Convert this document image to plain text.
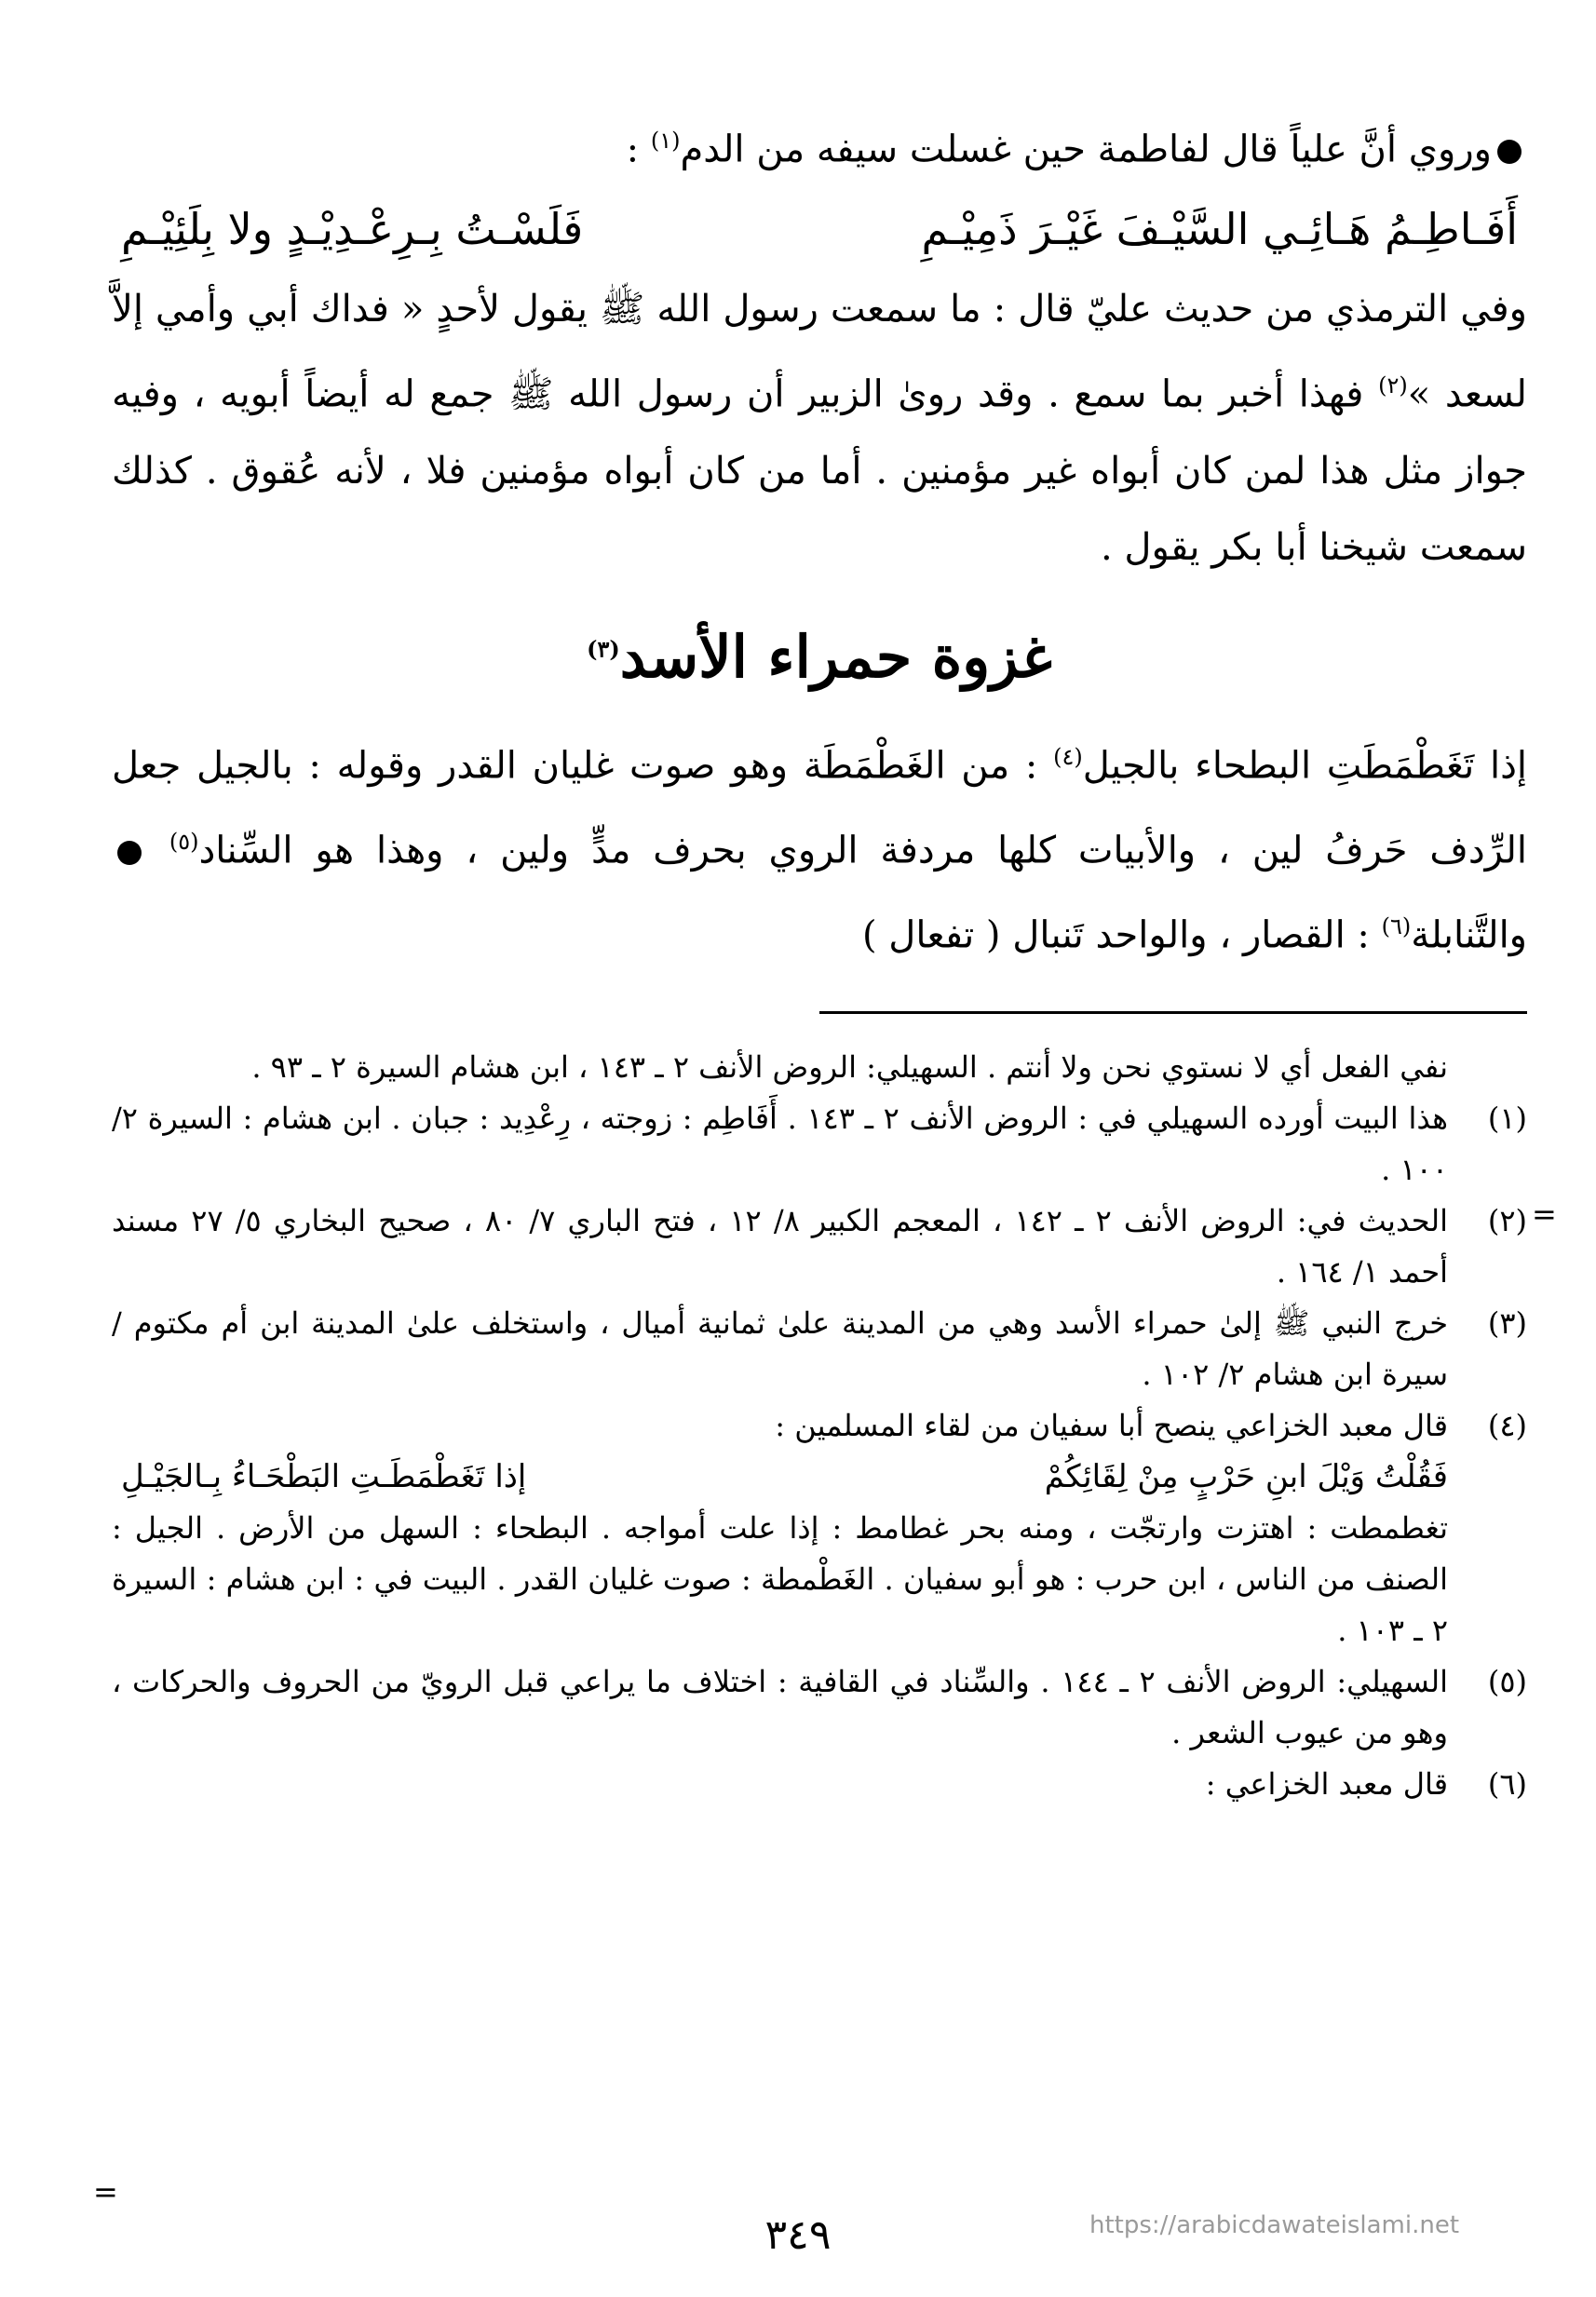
وروي أنَّ علياً قال لفاطمة حين غسلت سيفه من الدم$^{(١)}$ :

أَفَـاطِـمُ هَـائِـي السَّيْـفَ غَيْـرَ ذَمِيْـمِ
فَلَسْـتُ بِـرِعْـدِيْـدٍ ولا بِلَئِيْـمِ

وفي الترمذي من حديث عليّ قال : ما سمعت رسول الله ﷺ يقول لأحدٍ « فداك أبي وأمي إلاَّ لسعد »$^{(٢)}$ فهذا أخبر بما سمع . وقد روىٰ الزبير أن رسول الله ﷺ جمع له أيضاً أبويه ، وفيه جواز مثل هذا لمن كان أبواه غير مؤمنين . أما من كان أبواه مؤمنين فلا ، لأنه عُقوق . كذلك سمعت شيخنا أبا بكر يقول .

غزوة حمراء الأسد$^{(٣)}$

إذا تَغَطْمَطَتِ البطحاء بالجيل$^{(٤)}$ : من الغَطْمَطَة وهو صوت غليان القدر وقوله : بالجيل جعل الرِّدف حَرفُ لين ، والأبيات كلها مردفة الروي بحرف مدٍّ ولين ، وهذا هو السِّناد$^{(٥)}$  والتَّنابلة$^{(٦)}$ : القصار ، والواحد تَنبال ( تفعال )

نفي الفعل أي لا نستوي نحن ولا أنتم . السهيلي: الروض الأنف ٢ ـ ١٤٣ ، ابن هشام السيرة ٢ ـ ٩٣ .
(١)
هذا البيت أورده السهيلي في : الروض الأنف ٢ ـ ١٤٣ . أَفَاطِم : زوجته ، رِعْدِيد : جبان . ابن هشام : السيرة ٢/ ١٠٠ .
(٢)
الحديث في: الروض الأنف ٢ ـ ١٤٢ ، المعجم الكبير ٨/ ١٢ ، فتح الباري ٧/ ٨٠ ، صحيح البخاري ٥/ ٢٧ مسند أحمد ١/ ١٦٤ .
(٣)
خرج النبي ﷺ إلىٰ حمراء الأسد وهي من المدينة علىٰ ثمانية أميال ، واستخلف علىٰ المدينة ابن أم مكتوم / سيرة ابن هشام ٢/ ١٠٢ .
(٤)
قال معبد الخزاعي ينصح أبا سفيان من لقاء المسلمين :
فَقُلْتُ وَيْلَ ابنِ حَرْبٍ مِنْ لِقَائِكُمْ
إذا تَغَطْمَطَـتِ البَطْحَـاءُ بِـالجَيْـلِ
تغطمطت : اهتزت وارتجّت ، ومنه بحر غطامط : إذا علت أمواجه . البطحاء : السهل من الأرض . الجيل : الصنف من الناس ، ابن حرب : هو أبو سفيان . الغَطْمطة : صوت غليان القدر . البيت في : ابن هشام : السيرة ٢ ـ ١٠٣ .
(٥)
السهيلي: الروض الأنف ٢ ـ ١٤٤ . والسِّناد في القافية : اختلاف ما يراعي قبل الرويّ من الحروف والحركات ، وهو من عيوب الشعر .
(٦)
قال معبد الخزاعي :
=
=
https://arabicdawateislami.net
٣٤٩
